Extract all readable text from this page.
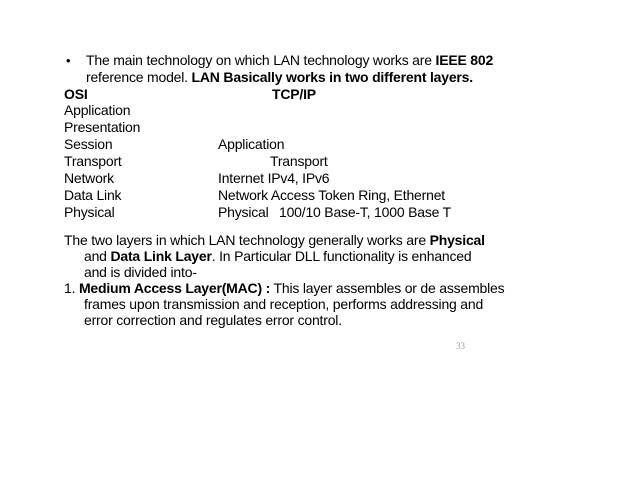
• The main technology on which LAN technology works are IEEE 802
reference model. LAN Basically works in two different layers.
OSI	TCP/IP
Application
Presentation
Session
Transport
Network
Data Link
Physical
Application
Transport
Internet IPv4, IPv6
Network Access Token Ring, Ethernet
Physical 100/10 Base-T, 1000 Base T
The two layers in which LAN technology generally works are Physical
and Data Link Layer. In Particular DLL functionality is enhanced
and is divided into-
1. Medium Access Layer(MAC) : This layer assembles or de assembles
frames upon transmission and reception, performs addressing and
error correction and regulates error control.
33
